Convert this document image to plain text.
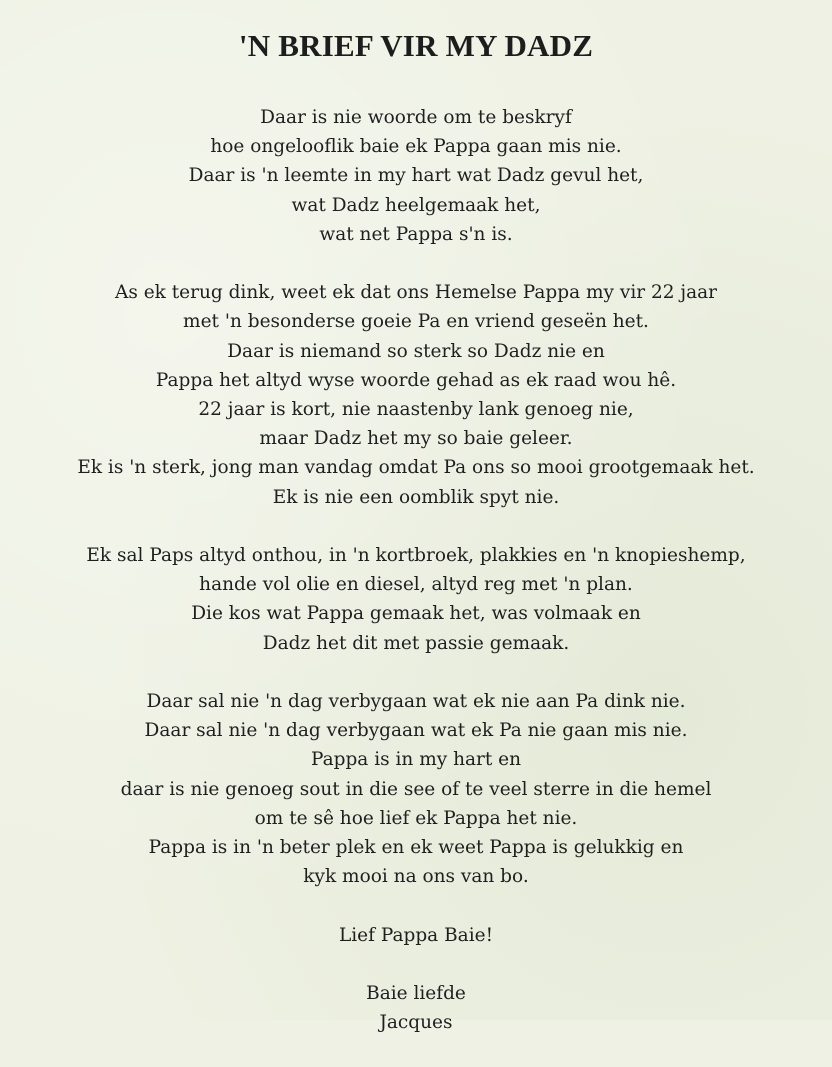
'N BRIEF VIR MY DADZ
Daar is nie woorde om te beskryf
hoe ongelooflik baie ek Pappa gaan mis nie.
Daar is 'n leemte in my hart wat Dadz gevul het,
wat Dadz heelgemaak het,
wat net Pappa s'n is.
As ek terug dink, weet ek dat ons Hemelse Pappa my vir 22 jaar
met 'n besonderse goeie Pa en vriend geseën het.
Daar is niemand so sterk so Dadz nie en
Pappa het altyd wyse woorde gehad as ek raad wou hê.
22 jaar is kort, nie naastenby lank genoeg nie,
maar Dadz het my so baie geleer.
Ek is 'n sterk, jong man vandag omdat Pa ons so mooi grootgemaak het.
Ek is nie een oomblik spyt nie.
Ek sal Paps altyd onthou, in 'n kortbroek, plakkies en 'n knopieshemp,
hande vol olie en diesel, altyd reg met 'n plan.
Die kos wat Pappa gemaak het, was volmaak en
Dadz het dit met passie gemaak.
Daar sal nie 'n dag verbygaan wat ek nie aan Pa dink nie.
Daar sal nie 'n dag verbygaan wat ek Pa nie gaan mis nie.
Pappa is in my hart en
daar is nie genoeg sout in die see of te veel sterre in die hemel
om te sê hoe lief ek Pappa het nie.
Pappa is in 'n beter plek en ek weet Pappa is gelukkig en
kyk mooi na ons van bo.
Lief Pappa Baie!
Baie liefde
Jacques
